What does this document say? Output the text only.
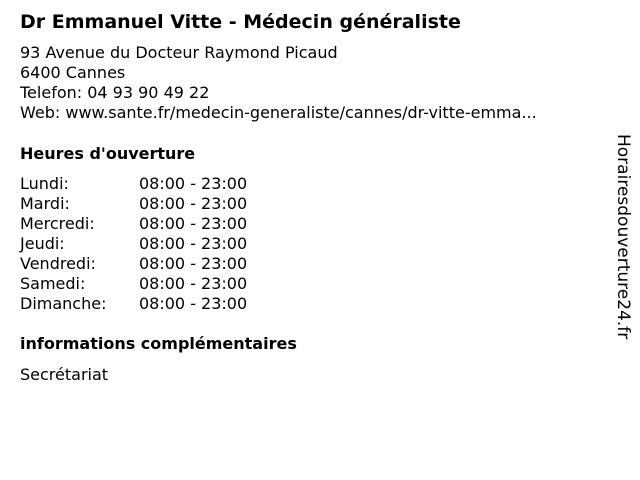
Dr Emmanuel Vitte - Médecin généraliste
93 Avenue du Docteur Raymond Picaud
6400 Cannes
Telefon: 04 93 90 49 22
Web: www.sante.fr/medecin-generaliste/cannes/dr-vitte-emma...
Heures d'ouverture
Lundi:	08:00 - 23:00
Mardi:	08:00 - 23:00
Mercredi:	08:00 - 23:00
Jeudi:	08:00 - 23:00
Vendredi:	08:00 - 23:00
Samedi:	08:00 - 23:00
Dimanche: 08:00 - 23:00
informations complémentaires
Secrétariat
Horairesdouverture24.fr
